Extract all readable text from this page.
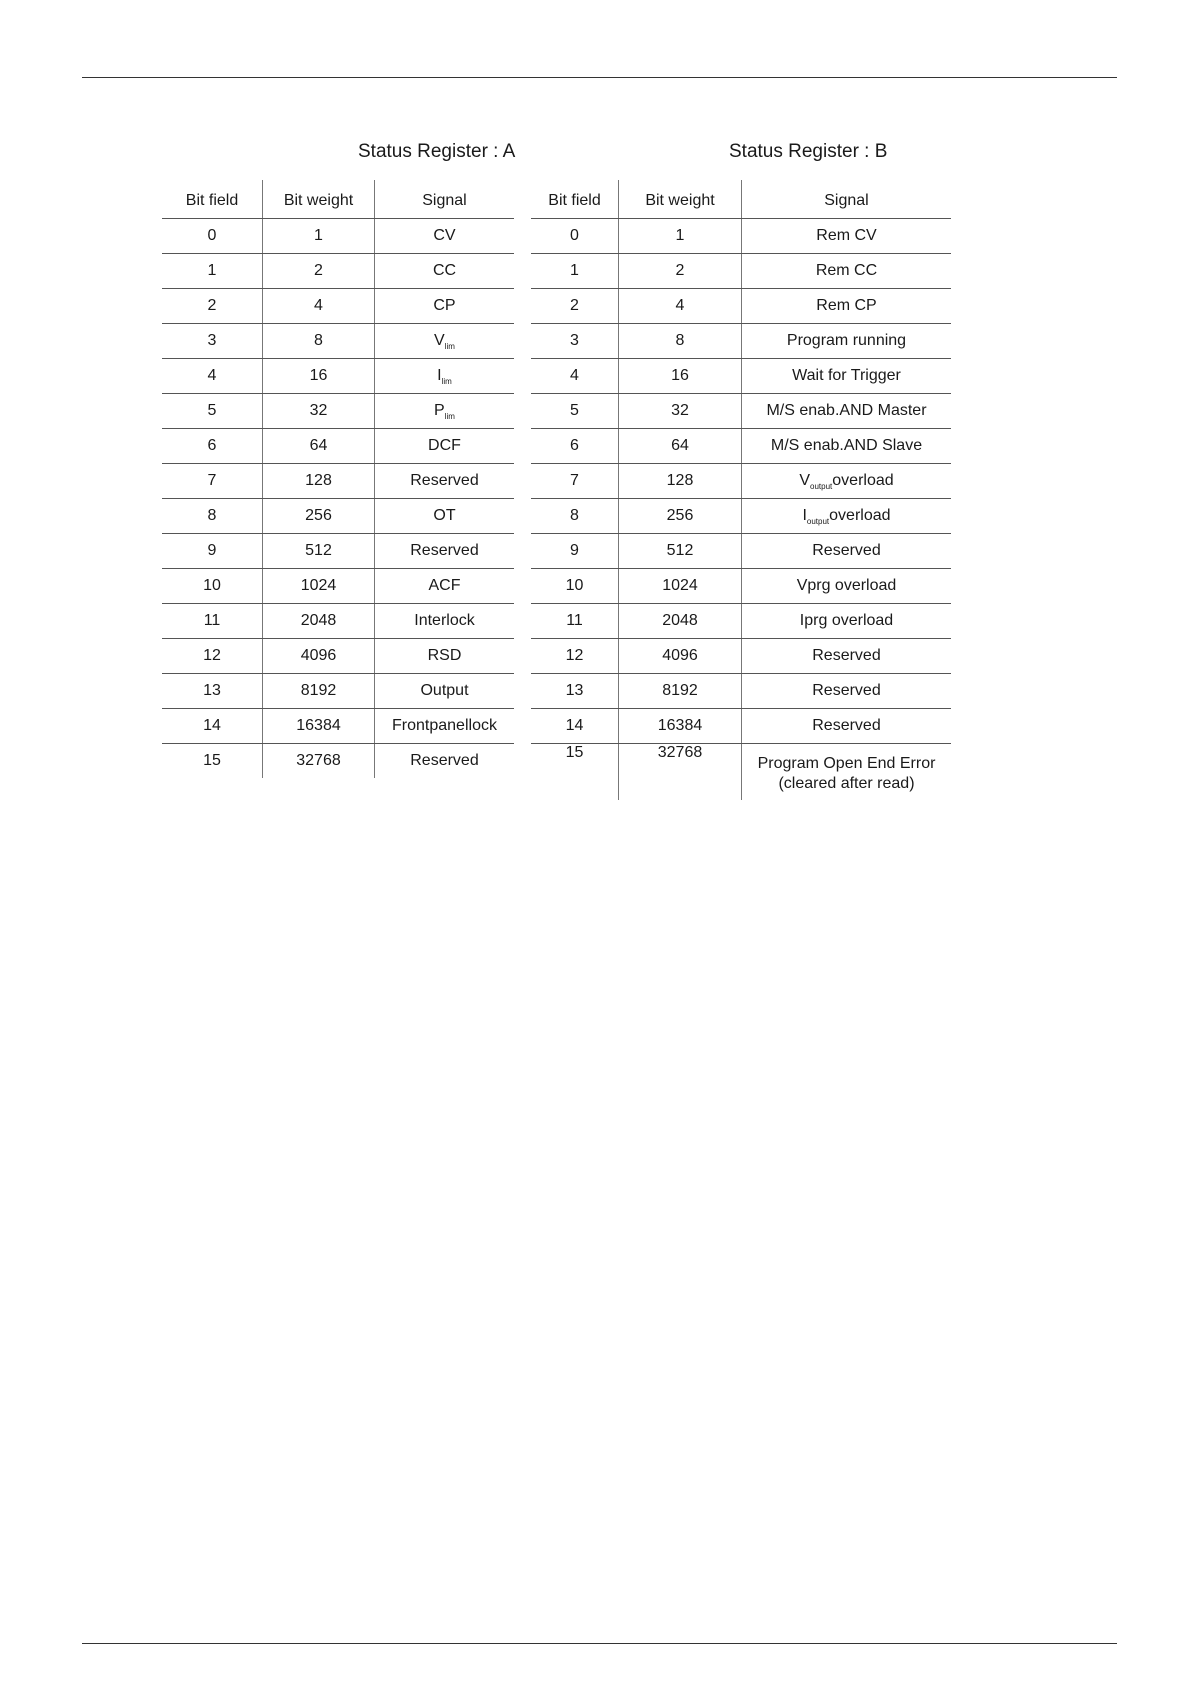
Status Register : A	Status Register : B
Bit field	Bit weight	Signal
0	1	CV
1	2	CC
2	4	CP
3	8	$V_{lim}$
4	16	$I_{lim}$
5	32	$P_{lim}$
6	64	DCF
7	128	Reserved
8	256	OT
9	512	Reserved
10	1024	ACF
11	2048	Interlock
12	4096	RSD
13	8192	Output
14	16384	Frontpanellock
15	32768	Reserved
Bit field	Bit weight	Signal
0	1	Rem CV
1	2	Rem CC
2	4	Rem CP
3	8	Program running
4	16	Wait for Trigger
5	32	M/S enab.AND Master
6	64	M/S enab.AND Slave
7	128	$V_{output}overload$
8	256	$I_{output}overload$
9	512	Reserved
10	1024	Vprg overload
11	2048	Iprg overload
12	4096	Reserved
13	8192	Reserved
14	16384	Reserved
15	32768	Program Open End Error
(cleared after read)
